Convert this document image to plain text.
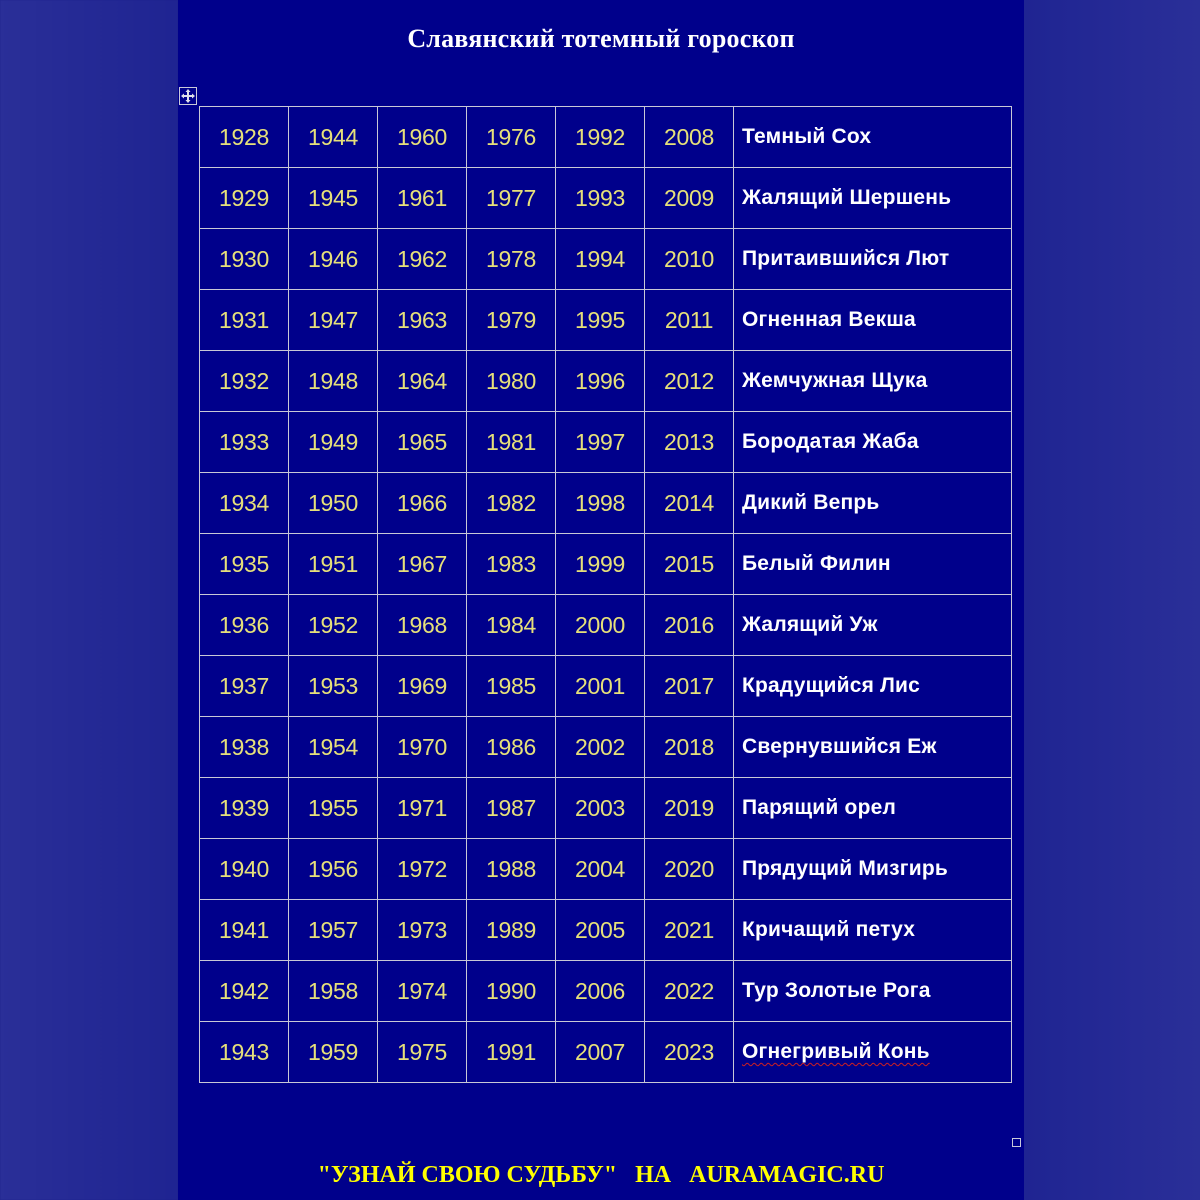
Славянский тотемный гороскоп
1928	1944	1960	1976	1992	2008	Темный Сох
1929	1945	1961	1977	1993	2009	Жалящий Шершень
1930	1946	1962	1978	1994	2010	Притаившийся Лют
1931	1947	1963	1979	1995	2011	Огненная Векша
1932	1948	1964	1980	1996	2012	Жемчужная Щука
1933	1949	1965	1981	1997	2013	Бородатая Жаба
1934	1950	1966	1982	1998	2014	Дикий Вепрь
1935	1951	1967	1983	1999	2015	Белый Филин
1936	1952	1968	1984	2000	2016	Жалящий Уж
1937	1953	1969	1985	2001	2017	Крадущийся Лис
1938	1954	1970	1986	2002	2018	Свернувшийся Еж
1939	1955	1971	1987	2003	2019	Парящий орел
1940	1956	1972	1988	2004	2020	Прядущий Мизгирь
1941	1957	1973	1989	2005	2021	Кричащий петух
1942	1958	1974	1990	2006	2022	Тур Золотые Рога
1943	1959	1975	1991	2007	2023	Огнегривый Конь
"УЗНАЙ СВОЮ СУДЬБУ" НА AURAMAGIC.RU
